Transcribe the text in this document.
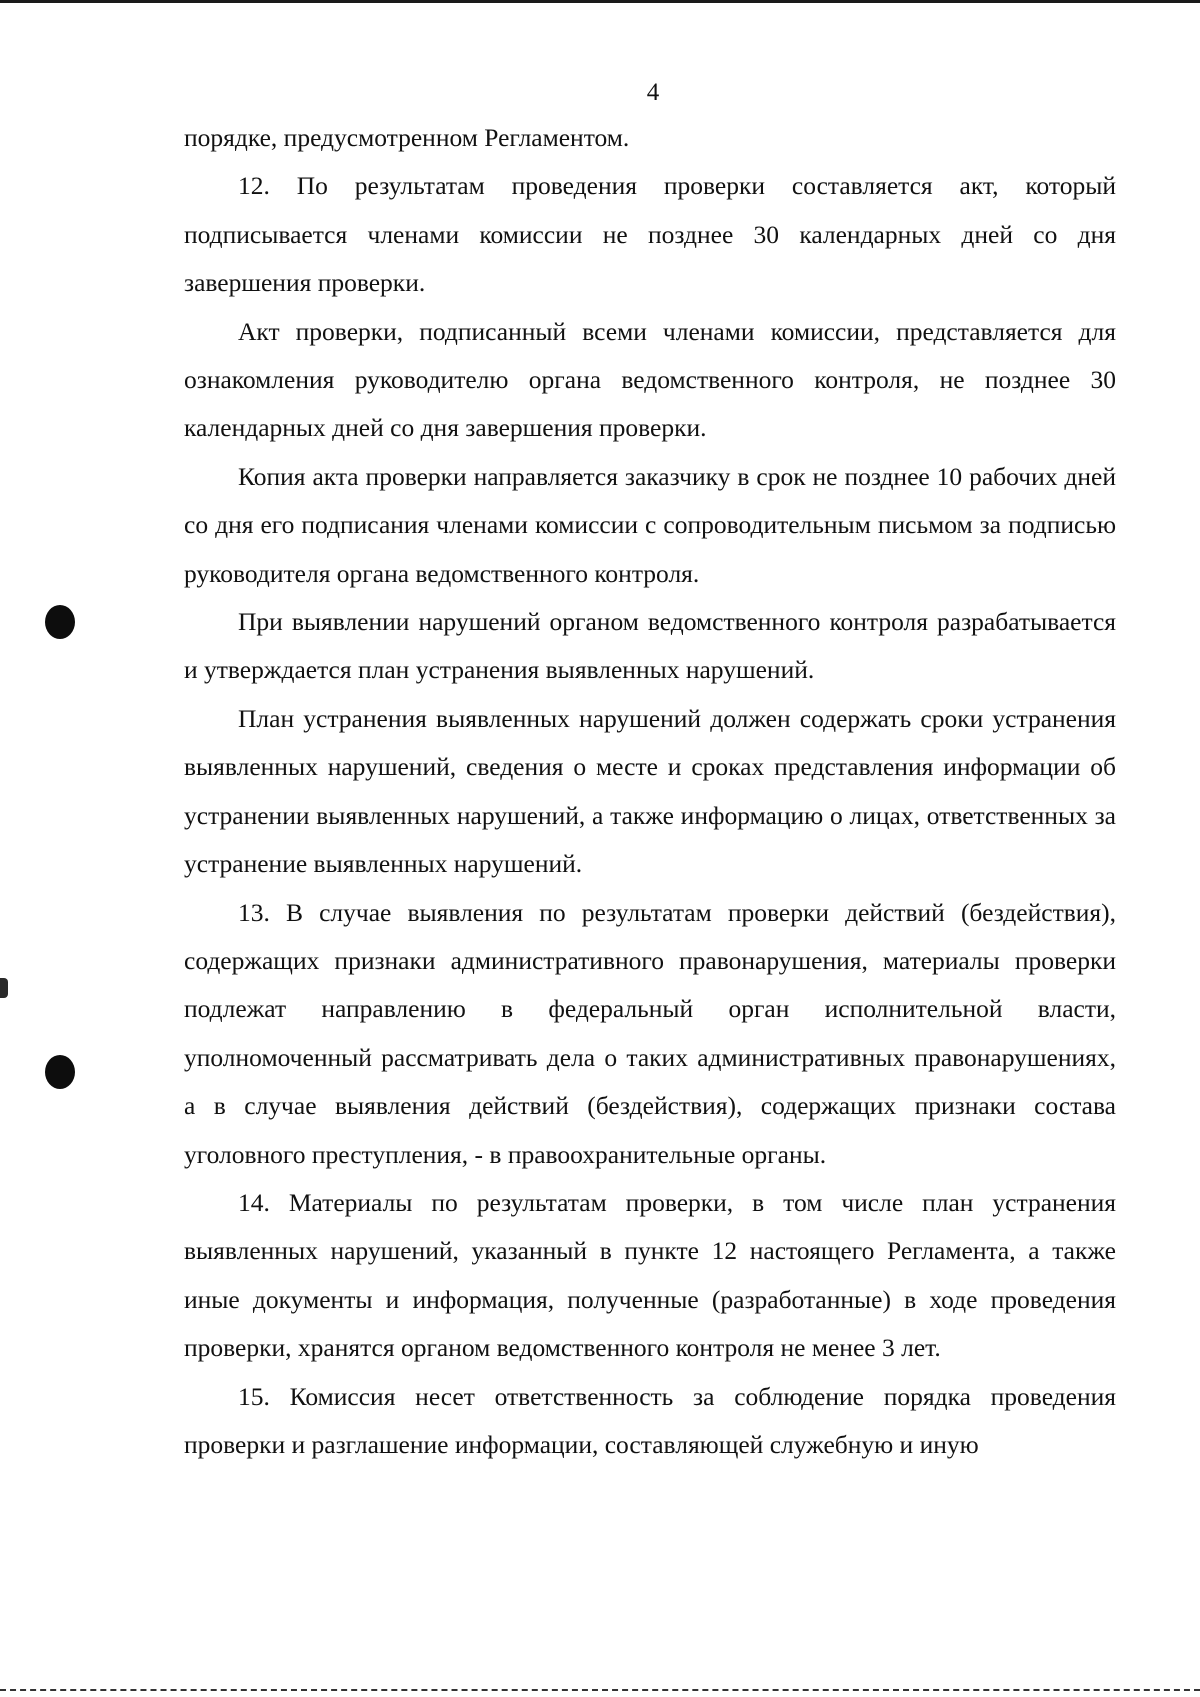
4

порядке, предусмотренном Регламентом.

12. По результатам проведения проверки составляется акт, который подписывается членами комиссии не позднее 30 календарных дней со дня завершения проверки.

Акт проверки, подписанный всеми членами комиссии, представляется для ознакомления руководителю органа ведомственного контроля, не позднее 30 календарных дней со дня завершения проверки.

Копия акта проверки направляется заказчику в срок не позднее 10 рабочих дней со дня его подписания членами комиссии с сопроводительным письмом за подписью руководителя органа ведомственного контроля.

При выявлении нарушений органом ведомственного контроля разрабатывается и утверждается план устранения выявленных нарушений.

План устранения выявленных нарушений должен содержать сроки устранения выявленных нарушений, сведения о месте и сроках представления информации об устранении выявленных нарушений, а также информацию о лицах, ответственных за устранение выявленных нарушений.

13. В случае выявления по результатам проверки действий (бездействия), содержащих признаки административного правонарушения, материалы проверки подлежат направлению в федеральный орган исполнительной власти, уполномоченный рассматривать дела о таких административных правонарушениях, а в случае выявления действий (бездействия), содержащих признаки состава уголовного преступления, - в правоохранительные органы.

14. Материалы по результатам проверки, в том числе план устранения выявленных нарушений, указанный в пункте 12 настоящего Регламента, а также иные документы и информация, полученные (разработанные) в ходе проведения проверки, хранятся органом ведомственного контроля не менее 3 лет.

15. Комиссия несет ответственность за соблюдение порядка проведения проверки и разглашение информации, составляющей служебную и иную
